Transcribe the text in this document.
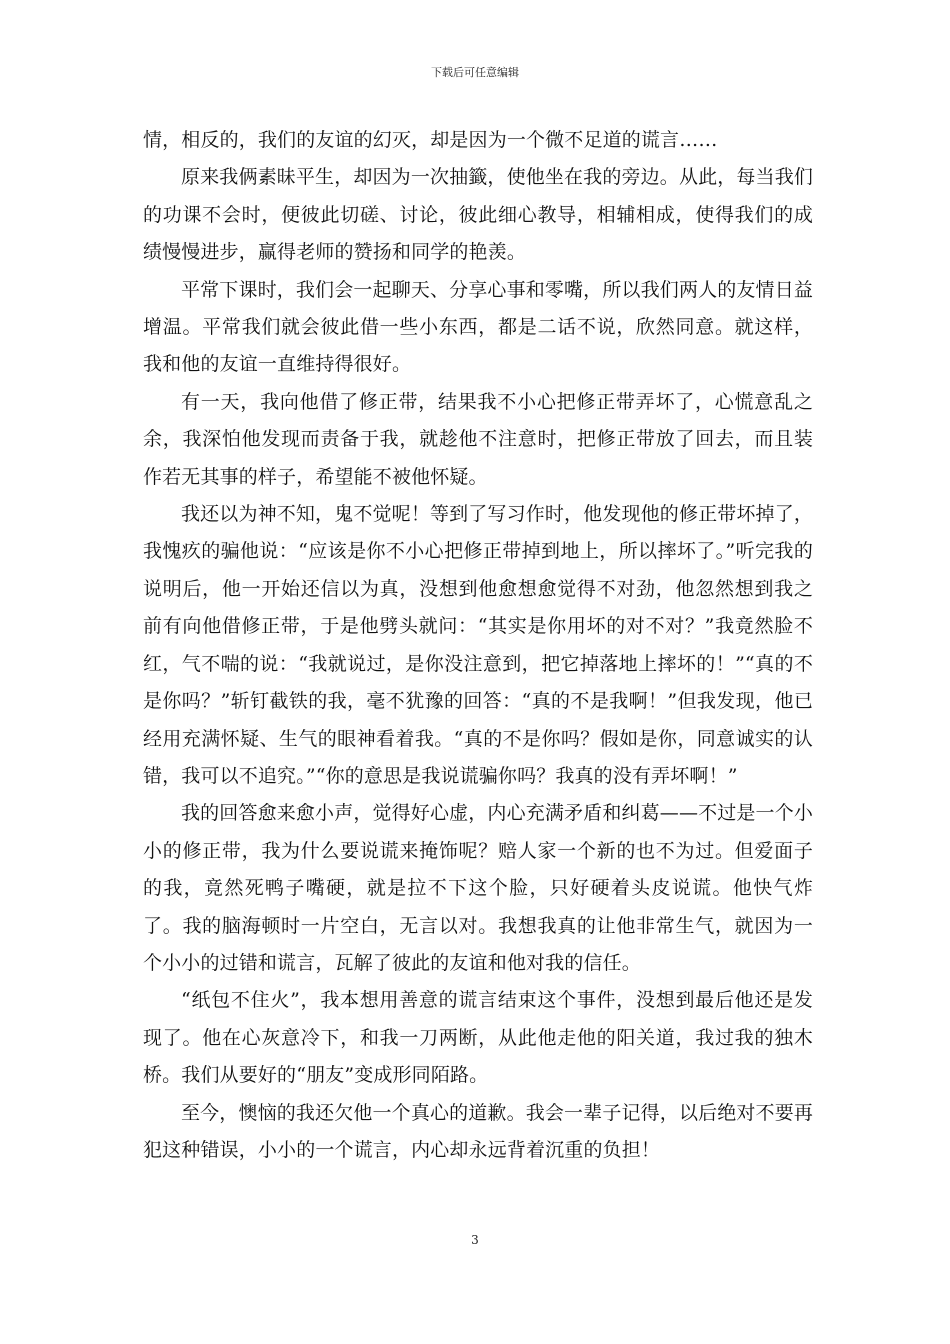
下载后可任意编辑

情，相反的，我们的友谊的幻灭，却是因为一个微不足道的谎言……

原来我俩素昧平生，却因为一次抽籤，使他坐在我的旁边。从此，每当我们的功课不会时，便彼此切磋、讨论，彼此细心教导，相辅相成，使得我们的成绩慢慢进步，赢得老师的赞扬和同学的艳羡。

平常下课时，我们会一起聊天、分享心事和零嘴，所以我们两人的友情日益增温。平常我们就会彼此借一些小东西，都是二话不说，欣然同意。就这样，我和他的友谊一直维持得很好。

有一天，我向他借了修正带，结果我不小心把修正带弄坏了，心慌意乱之余，我深怕他发现而责备于我，就趁他不注意时，把修正带放了回去，而且装作若无其事的样子，希望能不被他怀疑。

我还以为神不知，鬼不觉呢！等到了写习作时，他发现他的修正带坏掉了，我愧疚的骗他说：“应该是你不小心把修正带掉到地上，所以摔坏了。”听完我的说明后，他一开始还信以为真，没想到他愈想愈觉得不对劲，他忽然想到我之前有向他借修正带，于是他劈头就问：“其实是你用坏的对不对？”我竟然脸不红，气不喘的说：“我就说过，是你没注意到，把它掉落地上摔坏的！”“真的不是你吗？”斩钉截铁的我，毫不犹豫的回答：“真的不是我啊！”但我发现，他已经用充满怀疑、生气的眼神看着我。“真的不是你吗？假如是你，同意诚实的认错，我可以不追究。”“你的意思是我说谎骗你吗？我真的没有弄坏啊！”

我的回答愈来愈小声，觉得好心虚，内心充满矛盾和纠葛——不过是一个小小的修正带，我为什么要说谎来掩饰呢？赔人家一个新的也不为过。但爱面子的我，竟然死鸭子嘴硬，就是拉不下这个脸，只好硬着头皮说谎。他快气炸了。我的脑海顿时一片空白，无言以对。我想我真的让他非常生气，就因为一个小小的过错和谎言，瓦解了彼此的友谊和他对我的信任。

“纸包不住火”，我本想用善意的谎言结束这个事件，没想到最后他还是发现了。他在心灰意冷下，和我一刀两断，从此他走他的阳关道，我过我的独木桥。我们从要好的“朋友”变成形同陌路。

至今，懊恼的我还欠他一个真心的道歉。我会一辈子记得，以后绝对不要再犯这种错误，小小的一个谎言，内心却永远背着沉重的负担！

3
